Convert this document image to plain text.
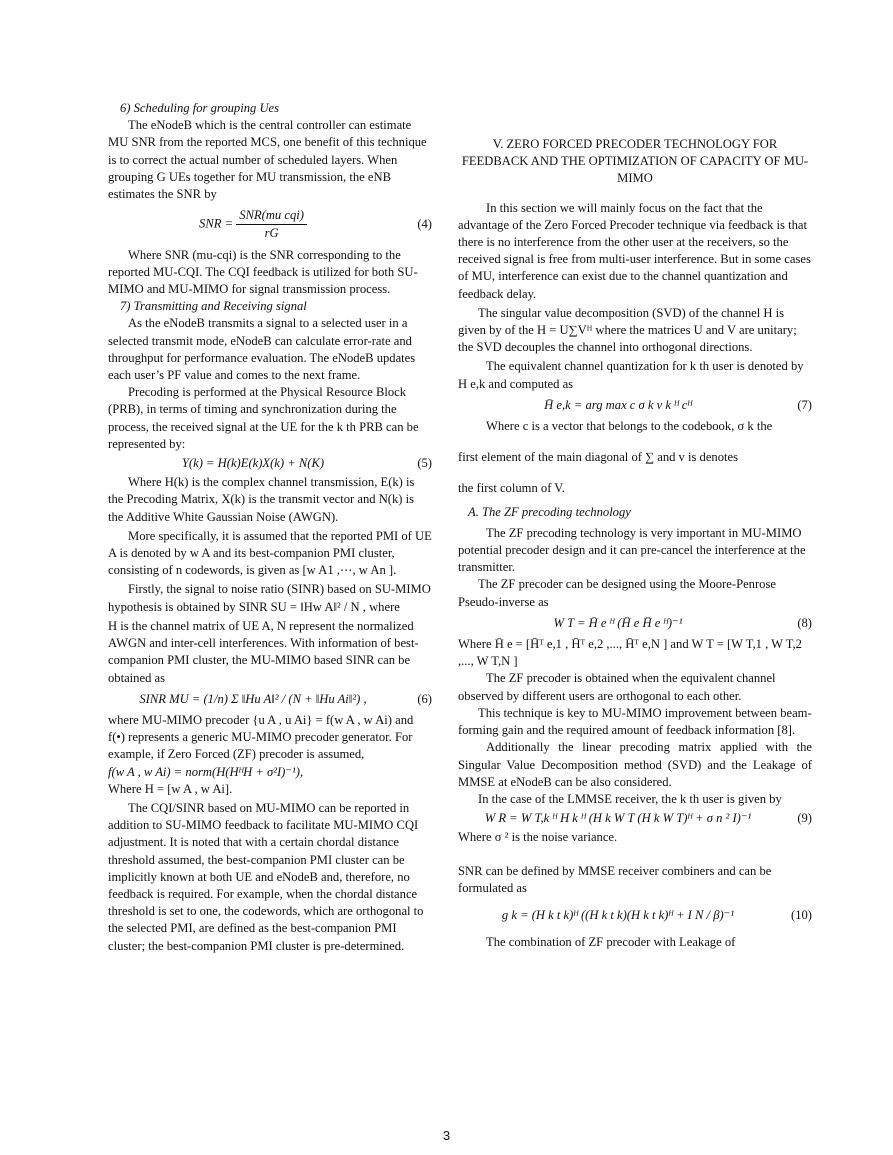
6) Scheduling for grouping Ues

The eNodeB which is the central controller can estimate MU SNR from the reported MCS, one benefit of this technique is to correct the actual number of scheduled layers. When grouping G UEs together for MU transmission, the eNB estimates the SNR by

SNR = $\frac{\text{SNR(mu cqi)}}{rG}$	(4)

Where SNR (mu-cqi) is the SNR corresponding to the reported MU-CQI. The CQI feedback is utilized for both SU-MIMO and MU-MIMO for signal transmission process.

7) Transmitting and Receiving signal

As the eNodeB transmits a signal to a selected user in a selected transmit mode, eNodeB can calculate error-rate and throughput for performance evaluation. The eNodeB updates each user’s PF value and comes to the next frame.

Precoding is performed at the Physical Resource Block (PRB), in terms of timing and synchronization during the process, the received signal at the UE for the k th PRB can be represented by:

Y(k) = H(k)E(k)X(k) + N(K)	(5)

Where H(k) is the complex channel transmission, E(k) is the Precoding Matrix, X(k) is the transmit vector and N(k) is the Additive White Gaussian Noise (AWGN).

More specifically, it is assumed that the reported PMI of UE A is denoted by w A and its best-companion PMI cluster, consisting of n codewords, is given as [w A1 ,⋯, w An ].

Firstly, the signal to noise ratio (SINR) based on SU-MIMO hypothesis is obtained by SINR SU = ‖Hw A‖² / N , where

H is the channel matrix of UE A, N represent the normalized AWGN and inter-cell interferences. With information of best-companion PMI cluster, the MU-MIMO based SINR can be obtained as

SINR MU = (1/n) Σ ‖Hu A‖² / (N + ‖Hu Ai‖²) ,	(6)

where MU-MIMO precoder {u A , u Ai} = f(w A , w Ai) and

f(•) represents a generic MU-MIMO precoder generator. For example, if Zero Forced (ZF) precoder is assumed,

f(w A , w Ai) = norm(H(HᴴH + σ²I)⁻¹),

Where H = [w A , w Ai].

The CQI/SINR based on MU-MIMO can be reported in addition to SU-MIMO feedback to facilitate MU-MIMO CQI adjustment. It is noted that with a certain chordal distance threshold assumed, the best-companion PMI cluster can be implicitly known at both UE and eNodeB and, therefore, no feedback is required. For example, when the chordal distance threshold is set to one, the codewords, which are orthogonal to the selected PMI, are defined as the best-companion PMI cluster; the best-companion PMI cluster is pre-determined.

V. ZERO FORCED PRECODER TECHNOLOGY FOR FEEDBACK AND THE OPTIMIZATION OF CAPACITY OF MU-MIMO

In this section we will mainly focus on the fact that the advantage of the Zero Forced Precoder technique via feedback is that there is no interference from the other user at the receivers, so the received signal is free from multi-user interference. But in some cases of MU, interference can exist due to the channel quantization and feedback delay.

The singular value decomposition (SVD) of the channel H is given by of the H = U∑Vᴴ where the matrices U and V are unitary; the SVD decouples the channel into orthogonal directions.

The equivalent channel quantization for k th user is denoted by H e,k and computed as

H̄ e,k = arg max c σ k v k ᴴ cᴴ	(7)

Where c is a vector that belongs to the codebook, σ k the

first element of the main diagonal of ∑ and v is denotes

the first column of V.

A. The ZF precoding technology

The ZF precoding technology is very important in MU-MIMO potential precoder design and it can pre-cancel the interference at the transmitter.

The ZF precoder can be designed using the Moore-Penrose

Pseudo-inverse as

W T = H̄ e ᴴ (H̄ e H̄ e ᴴ)⁻¹	(8)

Where H̄ e = [H̄ᵀ e,1 , H̄ᵀ e,2 ,..., H̄ᵀ e,N ] and W T = [W T,1 , W T,2 ,..., W T,N ]

The ZF precoder is obtained when the equivalent channel observed by different users are orthogonal to each other.

This technique is key to MU-MIMO improvement between beam-forming gain and the required amount of feedback information [8].

Additionally the linear precoding matrix applied with the Singular Value Decomposition method (SVD) and the Leakage of MMSE at eNodeB can be also considered.

In the case of the LMMSE receiver, the k th user is given by

W R = W T,k ᴴ H k ᴴ (H k W T (H k W T)ᴴ + σ n ² I)⁻¹	(9)

Where σ ² is the noise variance.

SNR can be defined by MMSE receiver combiners and can be formulated as

g k = (H k t k)ᴴ ((H k t k)(H k t k)ᴴ + I N / β)⁻¹	(10)

The combination of ZF precoder with Leakage of

3
